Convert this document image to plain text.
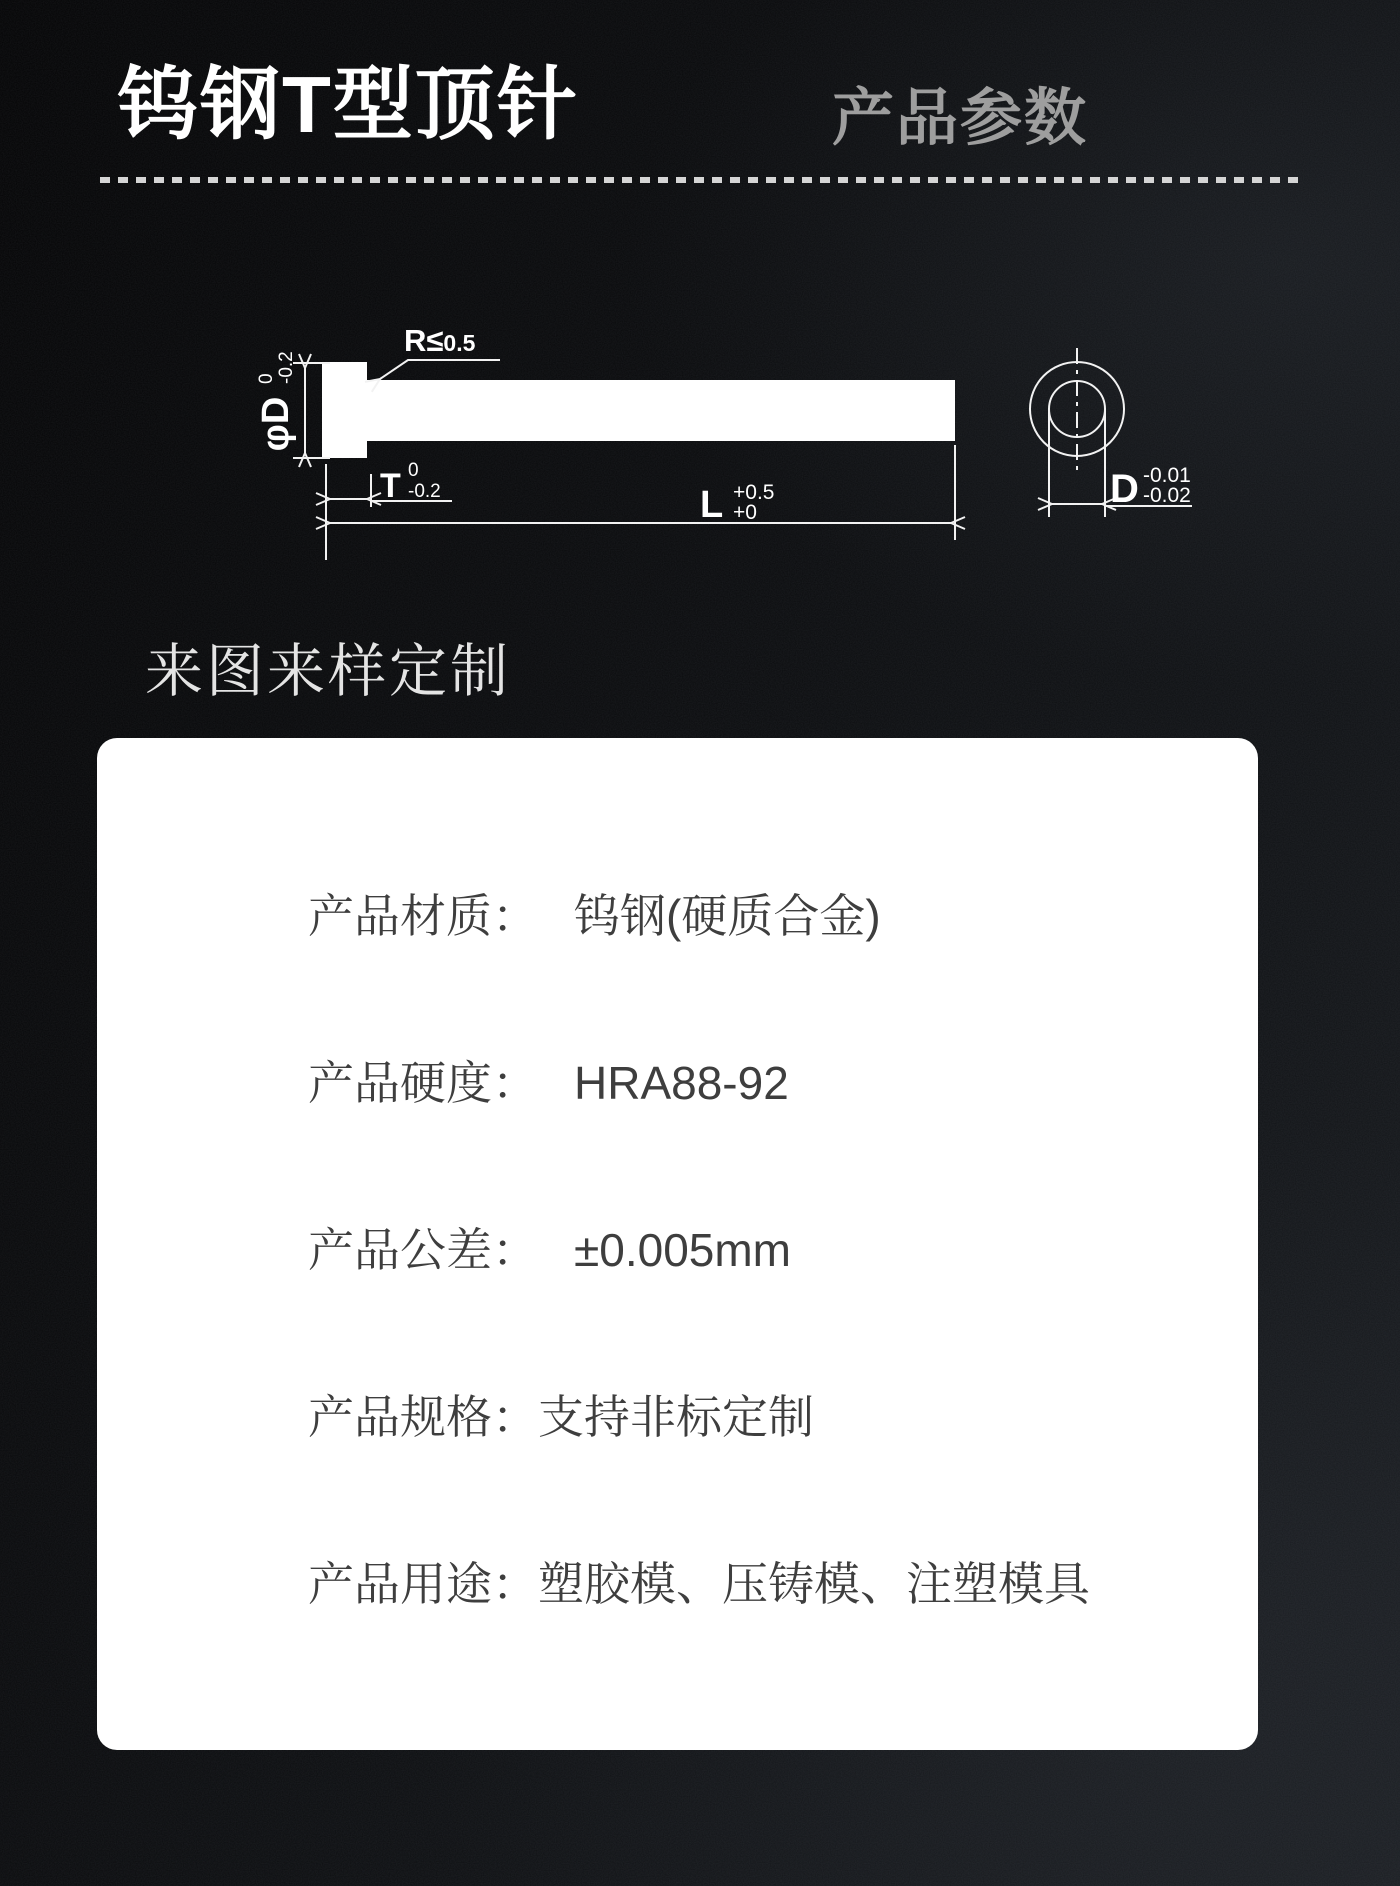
钨钢T型顶针	产品参数
R≤0.5
φD
0 -0.2
T 0
-0.2	L +0.5
+0
D -0.01
-0.02
来图来样定制
产品材质： 钨钢(硬质合金)
产品硬度： HRA88-92
产品公差： ±0.005mm
产品规格： 支持非标定制
产品用途： 塑胶模、压铸模、注塑模具
